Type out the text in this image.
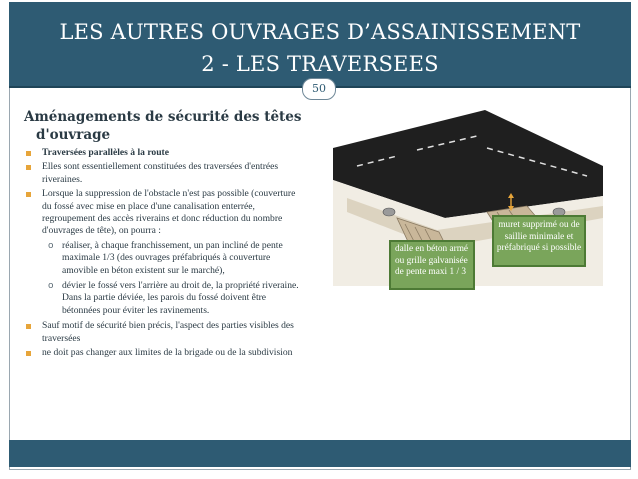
LES AUTRES OUVRAGES D’ASSAINISSEMENT
2 - LES TRAVERSEES
50
Aménagements de sécurité des têtes d'ouvrage
Traversées parallèles à la route
Elles sont essentiellement constituées des traversées d'entrées riveraines.
Lorsque la suppression de l'obstacle n'est pas possible (couverture du fossé avec mise en place d'une canalisation enterrée, regroupement des accès riverains et donc réduction du nombre d'ouvrages de tête), on pourra :
o réaliser, à chaque franchissement, un pan incliné de pente maximale 1/3 (des ouvrages préfabriqués à couverture amovible en béton existent sur le marché),
o dévier le fossé vers l'arrière au droit de, la propriété riveraine. Dans la partie déviée, les parois du fossé doivent être bétonnées pour éviter les ravinements.
Sauf motif de sécurité bien précis, l'aspect des parties visibles des traversées
ne doit pas changer aux limites de la brigade ou de la subdivision
dalle en béton armé ou grille galvanisée de pente maxi 1 / 3
muret supprimé ou de saillie minimale et préfabriqué si possible
